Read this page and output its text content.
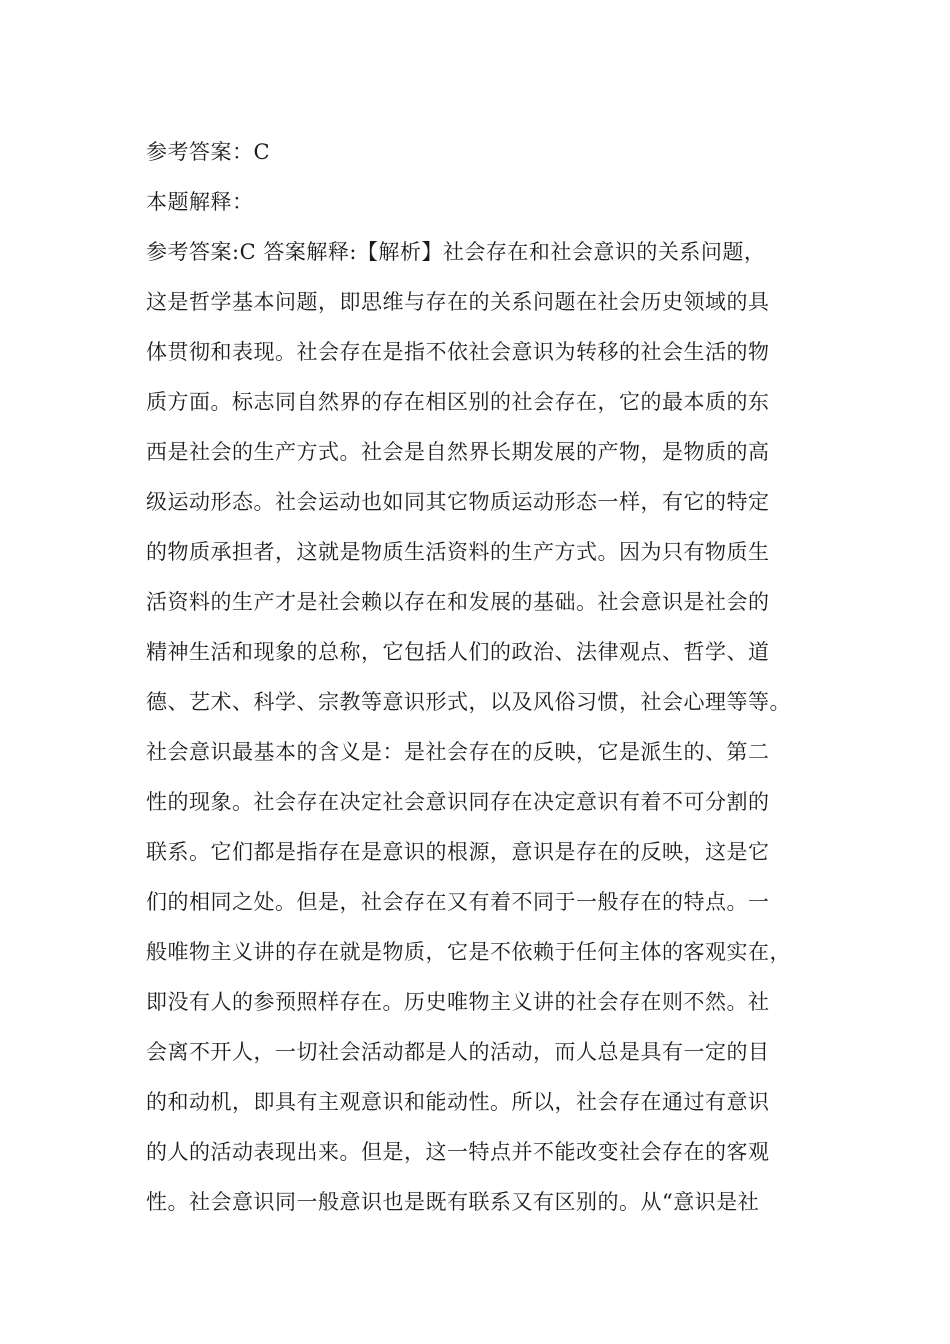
参考答案：C
本题解释：
参考答案:C 答案解释:【解析】社会存在和社会意识的关系问题，
这是哲学基本问题，即思维与存在的关系问题在社会历史领域的具
体贯彻和表现。社会存在是指不依社会意识为转移的社会生活的物
质方面。标志同自然界的存在相区别的社会存在，它的最本质的东
西是社会的生产方式。社会是自然界长期发展的产物，是物质的高
级运动形态。社会运动也如同其它物质运动形态一样，有它的特定
的物质承担者，这就是物质生活资料的生产方式。因为只有物质生
活资料的生产才是社会赖以存在和发展的基础。社会意识是社会的
精神生活和现象的总称，它包括人们的政治、法律观点、哲学、道
德、艺术、科学、宗教等意识形式，以及风俗习惯，社会心理等等。
社会意识最基本的含义是：是社会存在的反映，它是派生的、第二
性的现象。社会存在决定社会意识同存在决定意识有着不可分割的
联系。它们都是指存在是意识的根源，意识是存在的反映，这是它
们的相同之处。但是，社会存在又有着不同于一般存在的特点。一
般唯物主义讲的存在就是物质，它是不依赖于任何主体的客观实在，
即没有人的参预照样存在。历史唯物主义讲的社会存在则不然。社
会离不开人，一切社会活动都是人的活动，而人总是具有一定的目
的和动机，即具有主观意识和能动性。所以，社会存在通过有意识
的人的活动表现出来。但是，这一特点并不能改变社会存在的客观
性。社会意识同一般意识也是既有联系又有区别的。从“意识是社
